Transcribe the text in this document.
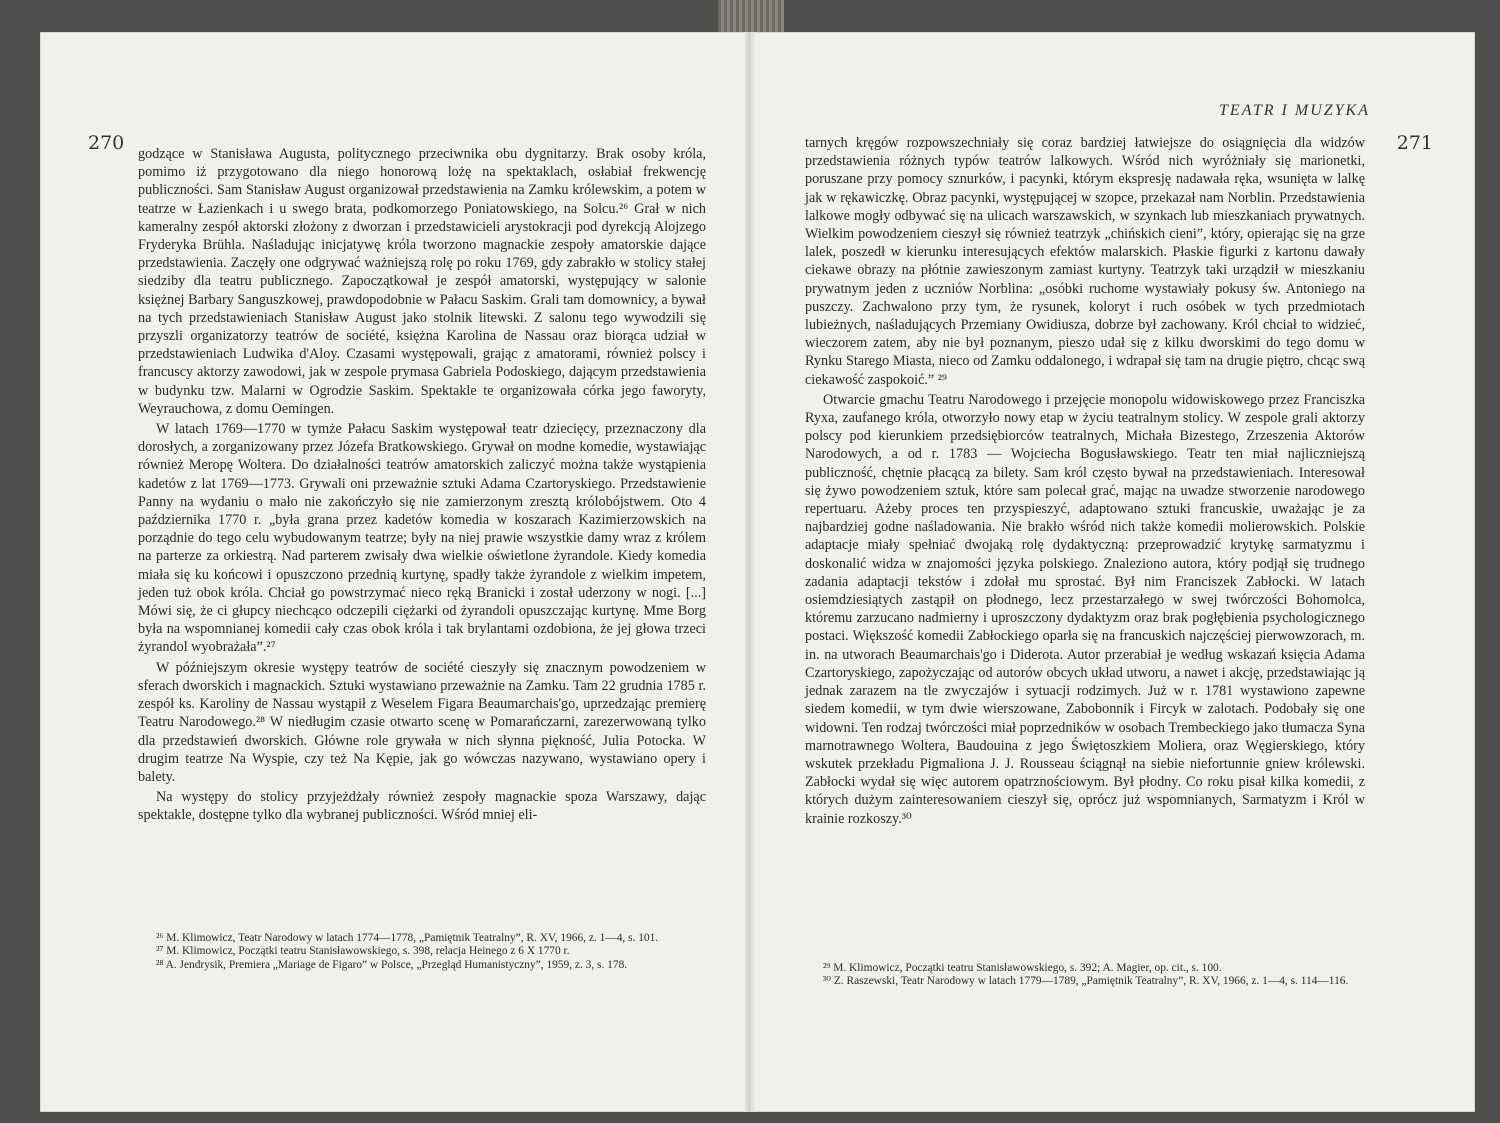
270 godzące w Stanisława Augusta, politycznego przeciwnika obu dygnitarzy. Brak osoby króla, pomimo iż przygotowano dla niego honorową lożę na spektaklach, osłabiał frekwencję publiczności. Sam Stanisław August organizował przedstawienia na Zamku królewskim, a potem w teatrze w Łazienkach i u swego brata, podkomorzego Poniatowskiego, na Solcu.²⁶ Grał w nich kameralny zespół aktorski złożony z dworzan i przedstawicieli arystokracji pod dyrekcją Alojzego Fryderyka Brühla. Naśladując inicjatywę króla tworzono magnackie zespoły amatorskie dające przedstawienia. Zaczęły one odgrywać ważniejszą rolę po roku 1769, gdy zabrakło w stolicy stałej siedziby dla teatru publicznego. Zapoczątkował je zespół amatorski, występujący w salonie księżnej Barbary Sanguszkowej, prawdopodobnie w Pałacu Saskim. Grali tam domownicy, a bywał na tych przedstawieniach Stanisław August jako stolnik litewski. Z salonu tego wywodzili się przyszli organizatorzy teatrów de société, księżna Karolina de Nassau oraz biorąca udział w przedstawieniach Ludwika d'Aloy. Czasami występowali, grając z amatorami, również polscy i francuscy aktorzy zawodowi, jak w zespole prymasa Gabriela Podoskiego, dającym przedstawienia w budynku tzw. Malarni w Ogrodzie Saskim. Spektakle te organizowała córka jego faworyty, Weyrauchowa, z domu Oemingen.

W latach 1769—1770 w tymże Pałacu Saskim występował teatr dziecięcy, przeznaczony dla dorosłych, a zorganizowany przez Józefa Bratkowskiego. Grywał on modne komedie, wystawiając również Meropę Woltera. Do działalności teatrów amatorskich zaliczyć można także wystąpienia kadetów z lat 1769—1773. Grywali oni przeważnie sztuki Adama Czartoryskiego. Przedstawienie Panny na wydaniu o mało nie zakończyło się nie zamierzonym zresztą królobójstwem. Oto 4 października 1770 r. „była grana przez kadetów komedia w koszarach Kazimierzowskich na porządnie do tego celu wybudowanym teatrze; były na niej prawie wszystkie damy wraz z królem na parterze za orkiestrą. Nad parterem zwisały dwa wielkie oświetlone żyrandole. Kiedy komedia miała się ku końcowi i opuszczono przednią kurtynę, spadły także żyrandole z wielkim impetem, jeden tuż obok króla. Chciał go powstrzymać nieco ręką Branicki i został uderzony w nogi. [...] Mówi się, że ci głupcy niechcąco odczepili ciężarki od żyrandoli opuszczając kurtynę. Mme Borg była na wspomnianej komedii cały czas obok króla i tak brylantami ozdobiona, że jej głowa trzeci żyrandol wyobrażała”.²⁷

W późniejszym okresie występy teatrów de société cieszyły się znacznym powodzeniem w sferach dworskich i magnackich. Sztuki wystawiano przeważnie na Zamku. Tam 22 grudnia 1785 r. zespół ks. Karoliny de Nassau wystąpił z Weselem Figara Beaumarchais'go, uprzedzając premierę Teatru Narodowego.²⁸ W niedługim czasie otwarto scenę w Pomarańczarni, zarezerwowaną tylko dla przedstawień dworskich. Główne role grywała w nich słynna piękność, Julia Potocka. W drugim teatrze Na Wyspie, czy też Na Kępie, jak go wówczas nazywano, wystawiano opery i balety.

Na występy do stolicy przyjeżdżały również zespoły magnackie spoza Warszawy, dając spektakle, dostępne tylko dla wybranej publiczności. Wśród mniej eli-

²⁶ M. Klimowicz, Teatr Narodowy w latach 1774—1778, „Pamiętnik Teatralny”, R. XV, 1966, z. 1—4, s. 101.

²⁷ M. Klimowicz, Początki teatru Stanisławowskiego, s. 398, relacja Heinego z 6 X 1770 r.

²⁸ A. Jendrysik, Premiera „Mariage de Figaro” w Polsce, „Przegląd Humanistyczny”, 1959, z. 3, s. 178.

TEATR I MUZYKA
271

tarnych kręgów rozpowszechniały się coraz bardziej łatwiejsze do osiągnięcia dla widzów przedstawienia różnych typów teatrów lalkowych. Wśród nich wyróżniały się marionetki, poruszane przy pomocy sznurków, i pacynki, którym ekspresję nadawała ręka, wsunięta w lalkę jak w rękawiczkę. Obraz pacynki, występującej w szopce, przekazał nam Norblin. Przedstawienia lalkowe mogły odbywać się na ulicach warszawskich, w szynkach lub mieszkaniach prywatnych. Wielkim powodzeniem cieszył się również teatrzyk „chińskich cieni”, który, opierając się na grze lalek, poszedł w kierunku interesujących efektów malarskich. Płaskie figurki z kartonu dawały ciekawe obrazy na płótnie zawieszonym zamiast kurtyny. Teatrzyk taki urządził w mieszkaniu prywatnym jeden z uczniów Norblina: „osóbki ruchome wystawiały pokusy św. Antoniego na puszczy. Zachwalono przy tym, że rysunek, koloryt i ruch osóbek w tych przedmiotach lubieżnych, naśladujących Przemiany Owidiusza, dobrze był zachowany. Król chciał to widzieć, wieczorem zatem, aby nie był poznanym, pieszo udał się z kilku dworskimi do tego domu w Rynku Starego Miasta, nieco od Zamku oddalonego, i wdrapał się tam na drugie piętro, chcąc swą ciekawość zaspokoić.” ²⁹

Otwarcie gmachu Teatru Narodowego i przejęcie monopolu widowiskowego przez Franciszka Ryxa, zaufanego króla, otworzyło nowy etap w życiu teatralnym stolicy. W zespole grali aktorzy polscy pod kierunkiem przedsiębiorców teatralnych, Michała Bizestego, Zrzeszenia Aktorów Narodowych, a od r. 1783 — Wojciecha Bogusławskiego. Teatr ten miał najliczniejszą publiczność, chętnie płacącą za bilety. Sam król często bywał na przedstawieniach. Interesował się żywo powodzeniem sztuk, które sam polecał grać, mając na uwadze stworzenie narodowego repertuaru. Ażeby proces ten przyspieszyć, adaptowano sztuki francuskie, uważając je za najbardziej godne naśladowania. Nie brakło wśród nich także komedii molierowskich. Polskie adaptacje miały spełniać dwojaką rolę dydaktyczną: przeprowadzić krytykę sarmatyzmu i doskonalić widza w znajomości języka polskiego. Znaleziono autora, który podjął się trudnego zadania adaptacji tekstów i zdołał mu sprostać. Był nim Franciszek Zabłocki. W latach osiemdziesiątych zastąpił on płodnego, lecz przestarzałego w swej twórczości Bohomolca, któremu zarzucano nadmierny i uproszczony dydaktyzm oraz brak pogłębienia psychologicznego postaci. Większość komedii Zabłockiego oparła się na francuskich najczęściej pierwowzorach, m. in. na utworach Beaumarchais'go i Diderota. Autor przerabiał je według wskazań księcia Adama Czartoryskiego, zapożyczając od autorów obcych układ utworu, a nawet i akcję, przedstawiając ją jednak zarazem na tle zwyczajów i sytuacji rodzimych. Już w r. 1781 wystawiono zapewne siedem komedii, w tym dwie wierszowane, Zabobonnik i Fircyk w zalotach. Podobały się one widowni. Ten rodzaj twórczości miał poprzedników w osobach Trembeckiego jako tłumacza Syna marnotrawnego Woltera, Baudouina z jego Świętoszkiem Moliera, oraz Węgierskiego, który wskutek przekładu Pigmaliona J. J. Rousseau ściągnął na siebie niefortunnie gniew królewski. Zabłocki wydał się więc autorem opatrznościowym. Był płodny. Co roku pisał kilka komedii, z których dużym zainteresowaniem cieszył się, oprócz już wspomnianych, Sarmatyzm i Król w krainie rozkoszy.³⁰

²⁹ M. Klimowicz, Początki teatru Stanisławowskiego, s. 392; A. Magier, op. cit., s. 100.

³⁰ Z. Raszewski, Teatr Narodowy w latach 1779—1789, „Pamiętnik Teatralny”, R. XV, 1966, z. 1—4, s. 114—116.
